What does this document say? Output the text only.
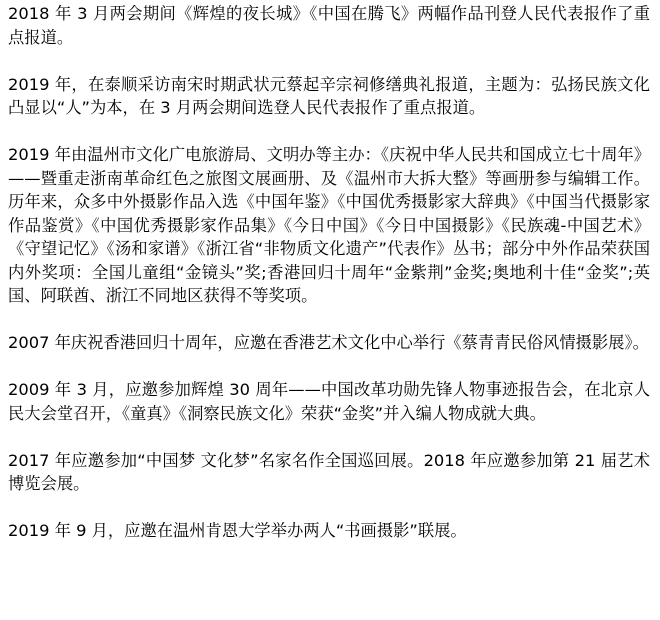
2018 年 3 月两会期间《辉煌的夜长城》《中国在腾飞》两幅作品刊登人民代表报作了重点报道。

2019 年，在泰顺采访南宋时期武状元蔡起辛宗祠修缮典礼报道，主题为：弘扬民族文化 凸显以“人”为本，在 3 月两会期间选登人民代表报作了重点报道。

2019 年由温州市文化广电旅游局、文明办等主办：《庆祝中华人民共和国成立七十周年》——暨重走浙南革命红色之旅图文展画册、及《温州市大拆大整》等画册参与编辑工作。历年来，众多中外摄影作品入选《中国年鉴》《中国优秀摄影家大辞典》《中国当代摄影家作品鉴赏》《中国优秀摄影家作品集》《今日中国》《今日中国摄影》《民族魂-中国艺术》《守望记忆》《汤和家谱》《浙江省“非物质文化遗产”代表作》丛书；部分中外作品荣获国内外奖项：全国儿童组“金镜头”奖;香港回归十周年“金紫荆”金奖;奥地利十佳“金奖”;英国、阿联酋、浙江不同地区获得不等奖项。

2007 年庆祝香港回归十周年，应邀在香港艺术文化中心举行《蔡青青民俗风情摄影展》。

2009 年 3 月，应邀参加辉煌 30 周年——中国改革功勋先锋人物事迹报告会，在北京人民大会堂召开，《童真》《洞察民族文化》荣获“金奖”并入编人物成就大典。

2017 年应邀参加“中国梦 文化梦”名家名作全国巡回展。2018 年应邀参加第 21 届艺术博览会展。

2019 年 9 月，应邀在温州肯恩大学举办两人“书画摄影”联展。
